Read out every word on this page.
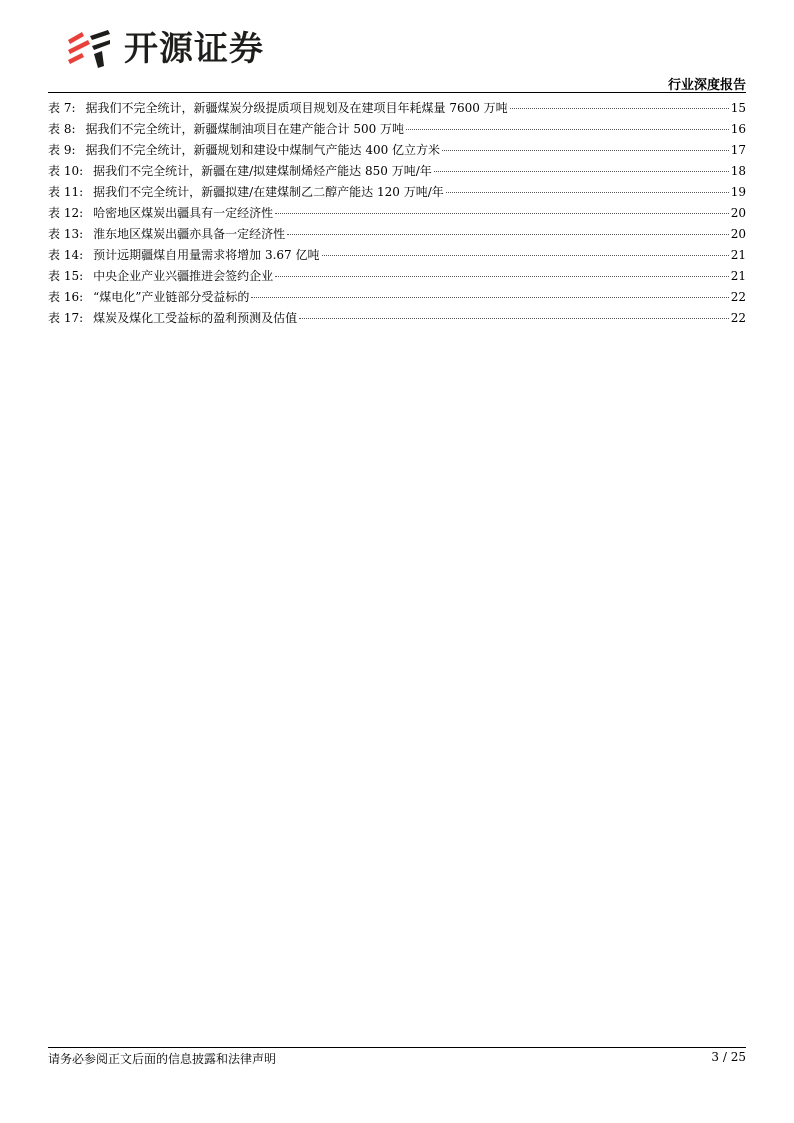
开源证券
行业深度报告
表 7: 据我们不完全统计，新疆煤炭分级提质项目规划及在建项目年耗煤量 7600 万吨	15
表 8: 据我们不完全统计，新疆煤制油项目在建产能合计 500 万吨	16
表 9: 据我们不完全统计，新疆规划和建设中煤制气产能达 400 亿立方米	17
表 10: 据我们不完全统计，新疆在建/拟建煤制烯烃产能达 850 万吨/年	18
表 11: 据我们不完全统计，新疆拟建/在建煤制乙二醇产能达 120 万吨/年	19
表 12: 哈密地区煤炭出疆具有一定经济性	20
表 13: 淮东地区煤炭出疆亦具备一定经济性	20
表 14: 预计远期疆煤自用量需求将增加 3.67 亿吨	21
表 15: 中央企业产业兴疆推进会签约企业	21
表 16: “煤电化”产业链部分受益标的	22
表 17: 煤炭及煤化工受益标的盈利预测及估值	22
请务必参阅正文后面的信息披露和法律声明	3 / 25
